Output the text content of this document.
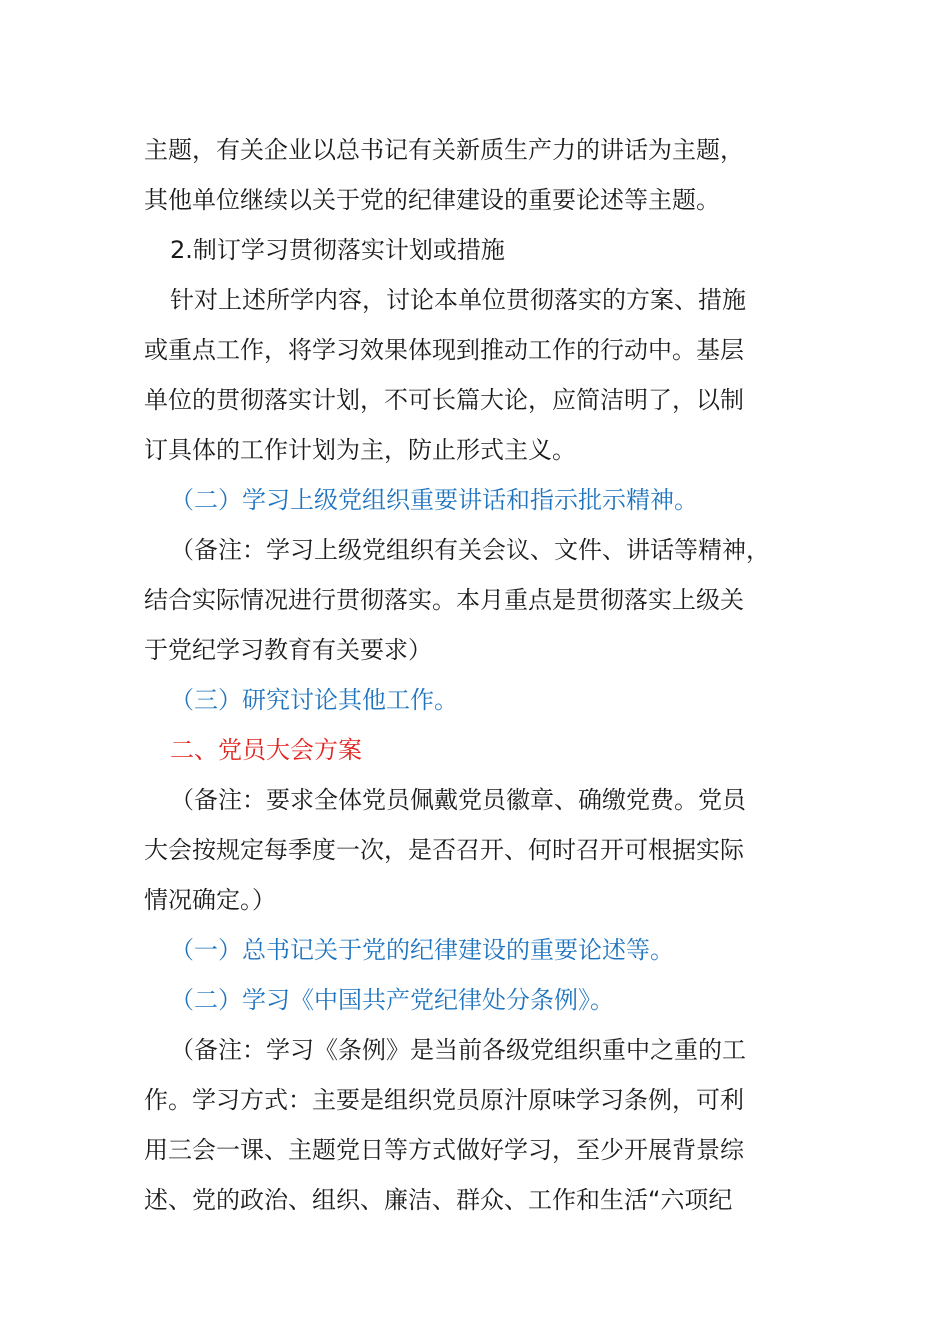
主题，有关企业以总书记有关新质生产力的讲话为主题，
其他单位继续以关于党的纪律建设的重要论述等主题。
2.制订学习贯彻落实计划或措施
针对上述所学内容，讨论本单位贯彻落实的方案、措施
或重点工作，将学习效果体现到推动工作的行动中。基层
单位的贯彻落实计划，不可长篇大论，应简洁明了，以制
订具体的工作计划为主，防止形式主义。
（二）学习上级党组织重要讲话和指示批示精神。
（备注：学习上级党组织有关会议、文件、讲话等精神，
结合实际情况进行贯彻落实。本月重点是贯彻落实上级关
于党纪学习教育有关要求）
（三）研究讨论其他工作。
二、党员大会方案
（备注：要求全体党员佩戴党员徽章、确缴党费。党员
大会按规定每季度一次，是否召开、何时召开可根据实际
情况确定。）
（一）总书记关于党的纪律建设的重要论述等。
（二）学习《中国共产党纪律处分条例》。
（备注：学习《条例》是当前各级党组织重中之重的工
作。学习方式：主要是组织党员原汁原味学习条例，可利
用三会一课、主题党日等方式做好学习，至少开展背景综
述、党的政治、组织、廉洁、群众、工作和生活“六项纪
